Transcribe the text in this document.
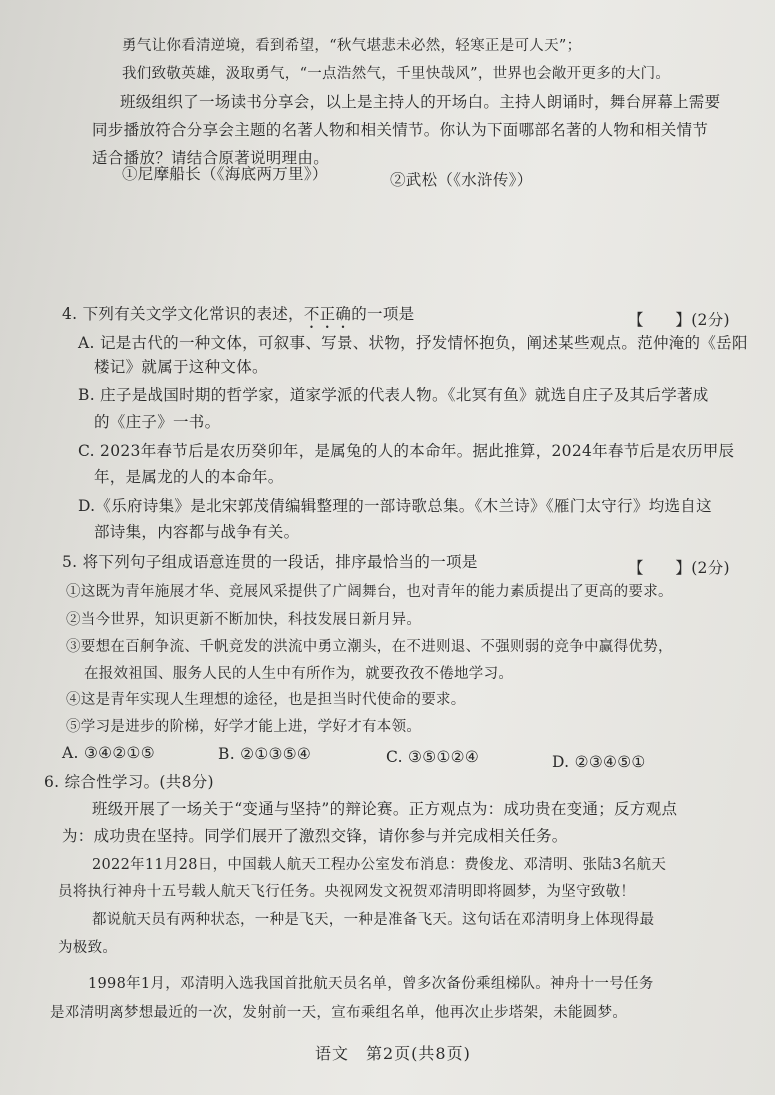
勇气让你看清逆境，看到希望，“秋气堪悲未必然，轻寒正是可人天”；
我们致敬英雄，汲取勇气，“一点浩然气，千里快哉风”，世界也会敞开更多的大门。
班级组织了一场读书分享会，以上是主持人的开场白。主持人朗诵时，舞台屏幕上需要
同步播放符合分享会主题的名著人物和相关情节。你认为下面哪部名著的人物和相关情节
适合播放？请结合原著说明理由。
①尼摩船长（《海底两万里》）	②武松（《水浒传》）
4. 下列有关文学文化常识的表述，不正确的一项是	【　　】(2分)
A. 记是古代的一种文体，可叙事、写景、状物，抒发情怀抱负，阐述某些观点。范仲淹的《岳阳
楼记》就属于这种文体。
B. 庄子是战国时期的哲学家，道家学派的代表人物。《北冥有鱼》就选自庄子及其后学著成
的《庄子》一书。
C. 2023年春节后是农历癸卯年，是属兔的人的本命年。据此推算，2024年春节后是农历甲辰
年，是属龙的人的本命年。
D.《乐府诗集》是北宋郭茂倩编辑整理的一部诗歌总集。《木兰诗》《雁门太守行》均选自这
部诗集，内容都与战争有关。
5. 将下列句子组成语意连贯的一段话，排序最恰当的一项是	【　　】(2分)
①这既为青年施展才华、竞展风采提供了广阔舞台，也对青年的能力素质提出了更高的要求。
②当今世界，知识更新不断加快，科技发展日新月异。
③要想在百舸争流、千帆竞发的洪流中勇立潮头，在不进则退、不强则弱的竞争中赢得优势，
在报效祖国、服务人民的人生中有所作为，就要孜孜不倦地学习。
④这是青年实现人生理想的途径，也是担当时代使命的要求。
⑤学习是进步的阶梯，好学才能上进，学好才有本领。
A. ③④②①⑤	B. ②①③⑤④	C. ③⑤①②④	D. ②③④⑤①
6. 综合性学习。(共8分)
班级开展了一场关于“变通与坚持”的辩论赛。正方观点为：成功贵在变通；反方观点
为：成功贵在坚持。同学们展开了激烈交锋，请你参与并完成相关任务。
2022年11月28日，中国载人航天工程办公室发布消息：费俊龙、邓清明、张陆3名航天
员将执行神舟十五号载人航天飞行任务。央视网发文祝贺邓清明即将圆梦，为坚守致敬！
都说航天员有两种状态，一种是飞天，一种是准备飞天。这句话在邓清明身上体现得最
为极致。
1998年1月，邓清明入选我国首批航天员名单，曾多次备份乘组梯队。神舟十一号任务
是邓清明离梦想最近的一次，发射前一天，宣布乘组名单，他再次止步塔架，未能圆梦。
语文　第2页(共8页)
